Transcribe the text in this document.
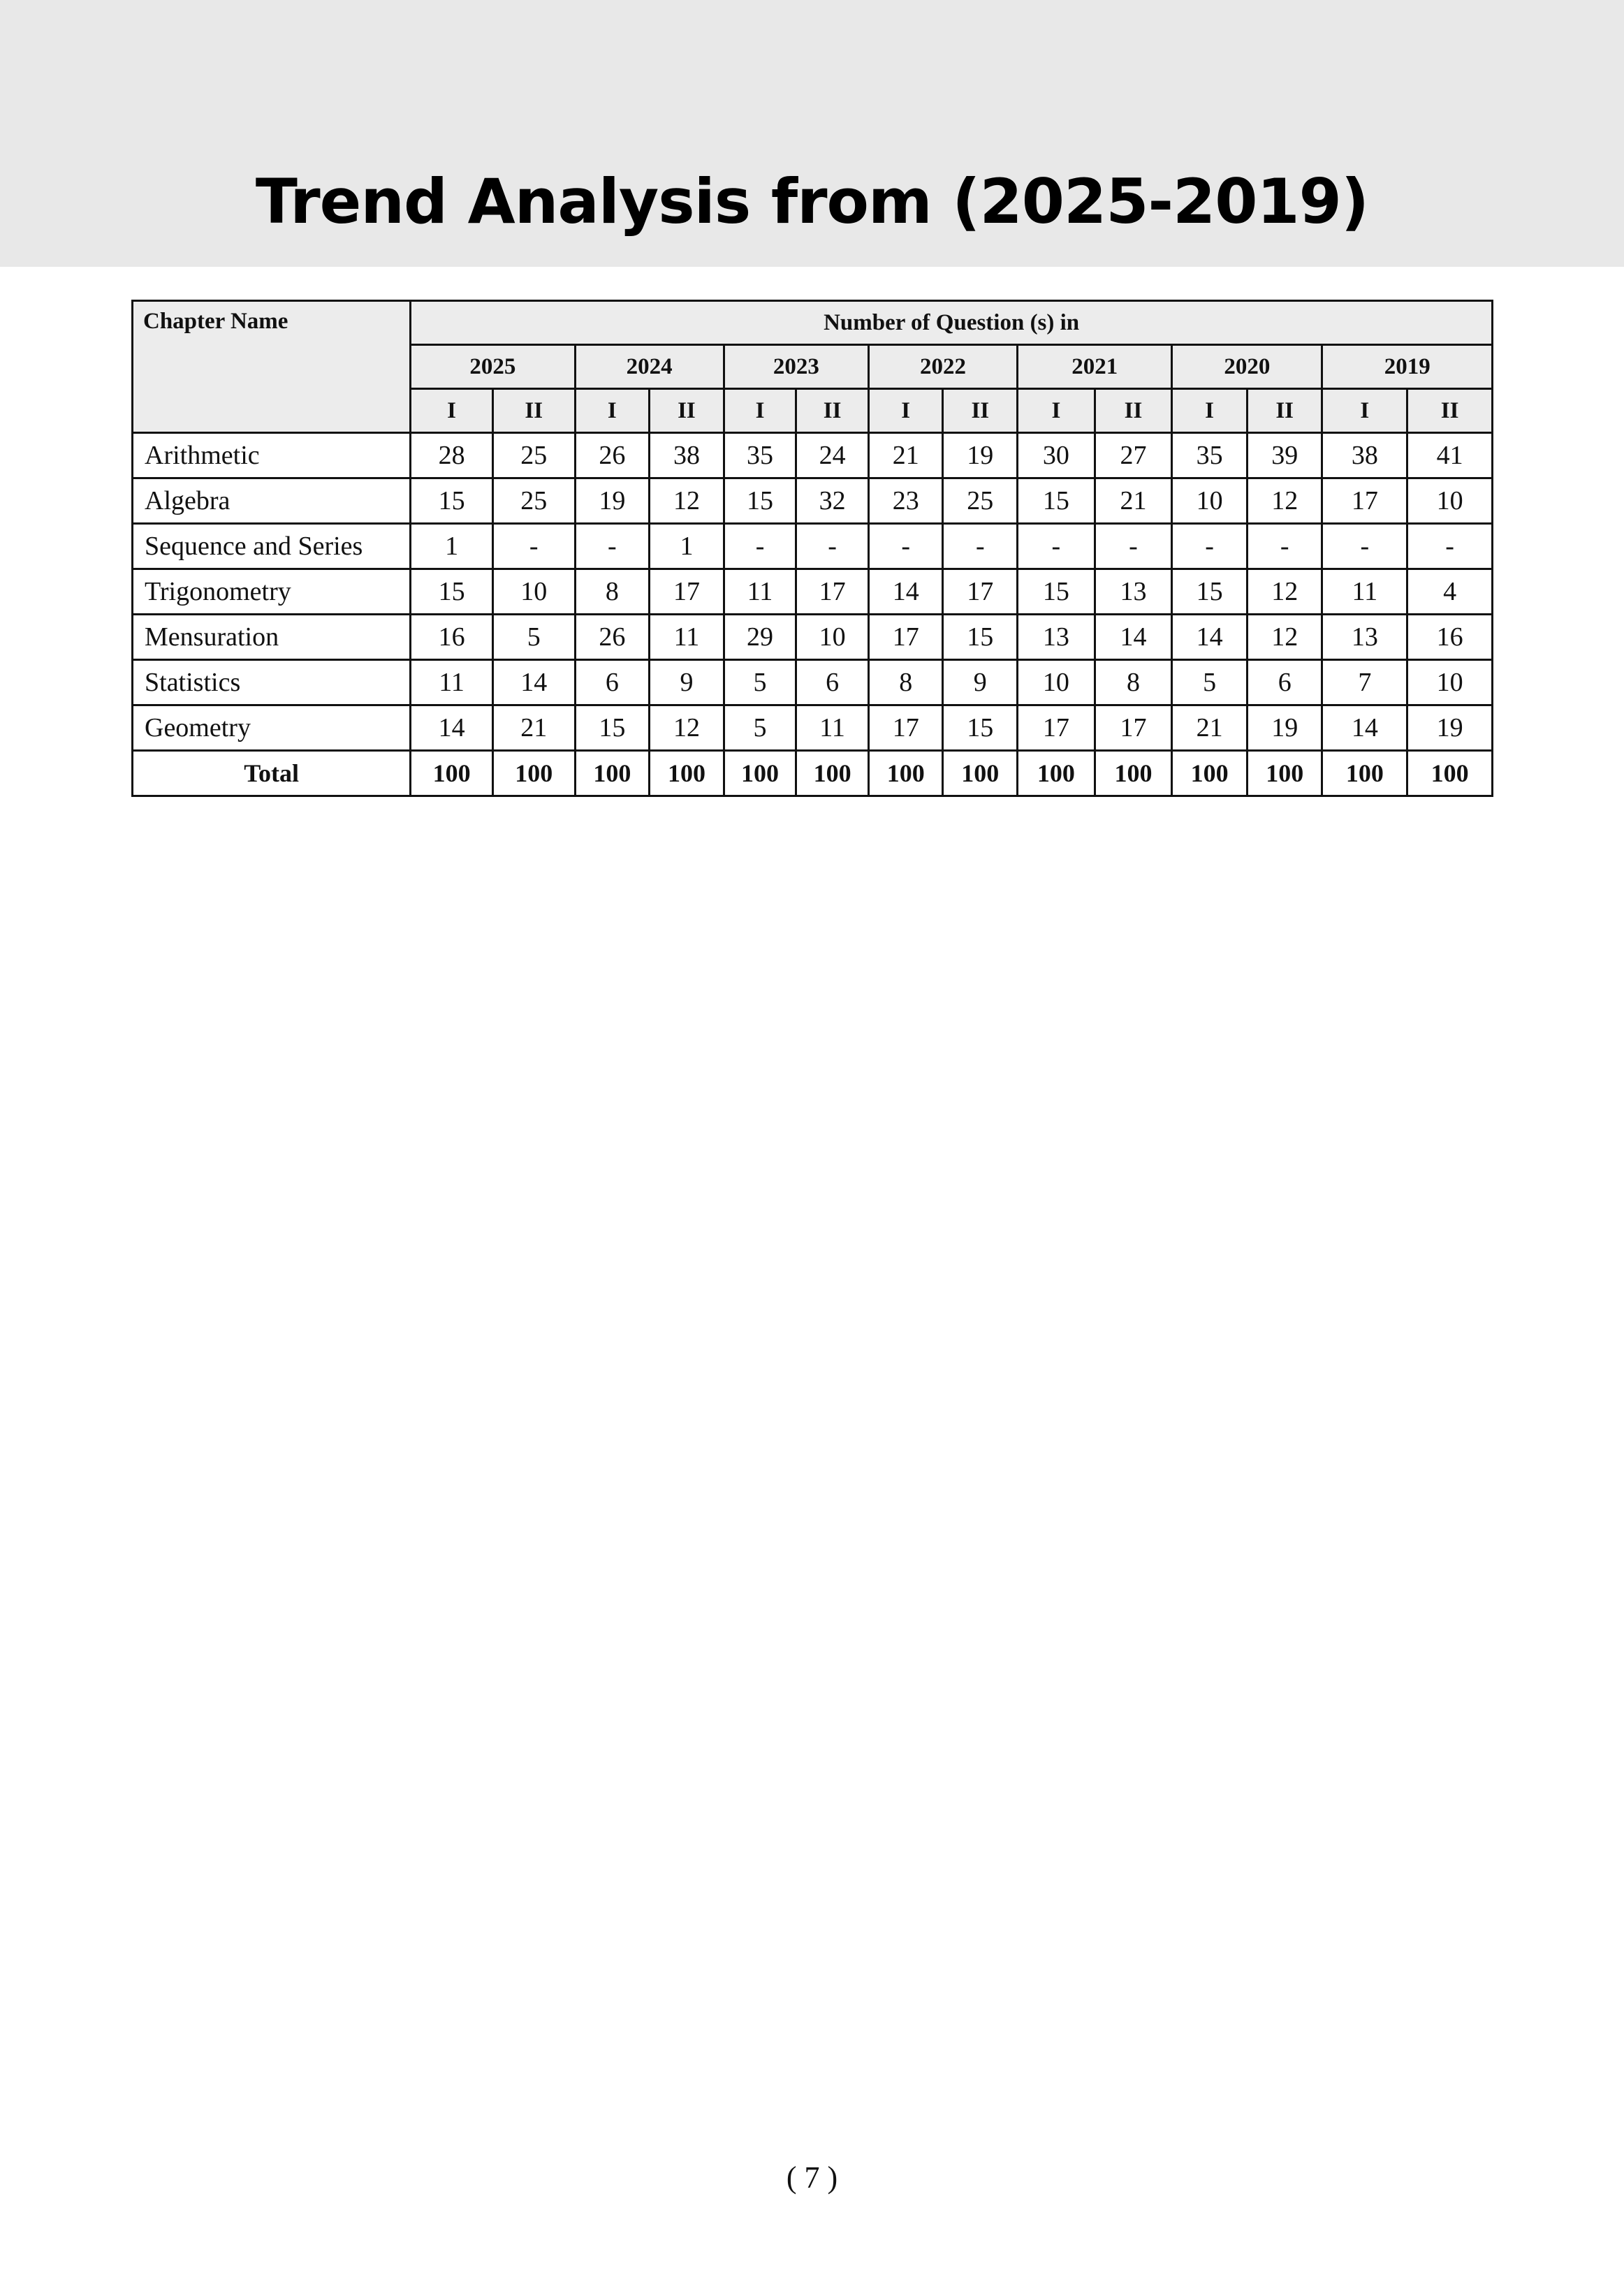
Trend Analysis from (2025-2019)
Chapter Name	Number of Question (s) in													
	2025		2024		2023		2022		2021		2020		2019	
	I	II	I	II	I	II	I	II	I	II	I	II	I	II
Arithmetic	28	25	26	38	35	24	21	19	30	27	35	39	38	41
Algebra	15	25	19	12	15	32	23	25	15	21	10	12	17	10
Sequence and Series	1	-	-	1	-	-	-	-	-	-	-	-	-	-
Trigonometry	15	10	8	17	11	17	14	17	15	13	15	12	11	4
Mensuration	16	5	26	11	29	10	17	15	13	14	14	12	13	16
Statistics	11	14	6	9	5	6	8	9	10	8	5	6	7	10
Geometry	14	21	15	12	5	11	17	15	17	17	21	19	14	19
Total	100	100	100	100	100	100	100	100	100	100	100	100	100	100
( 7 )
